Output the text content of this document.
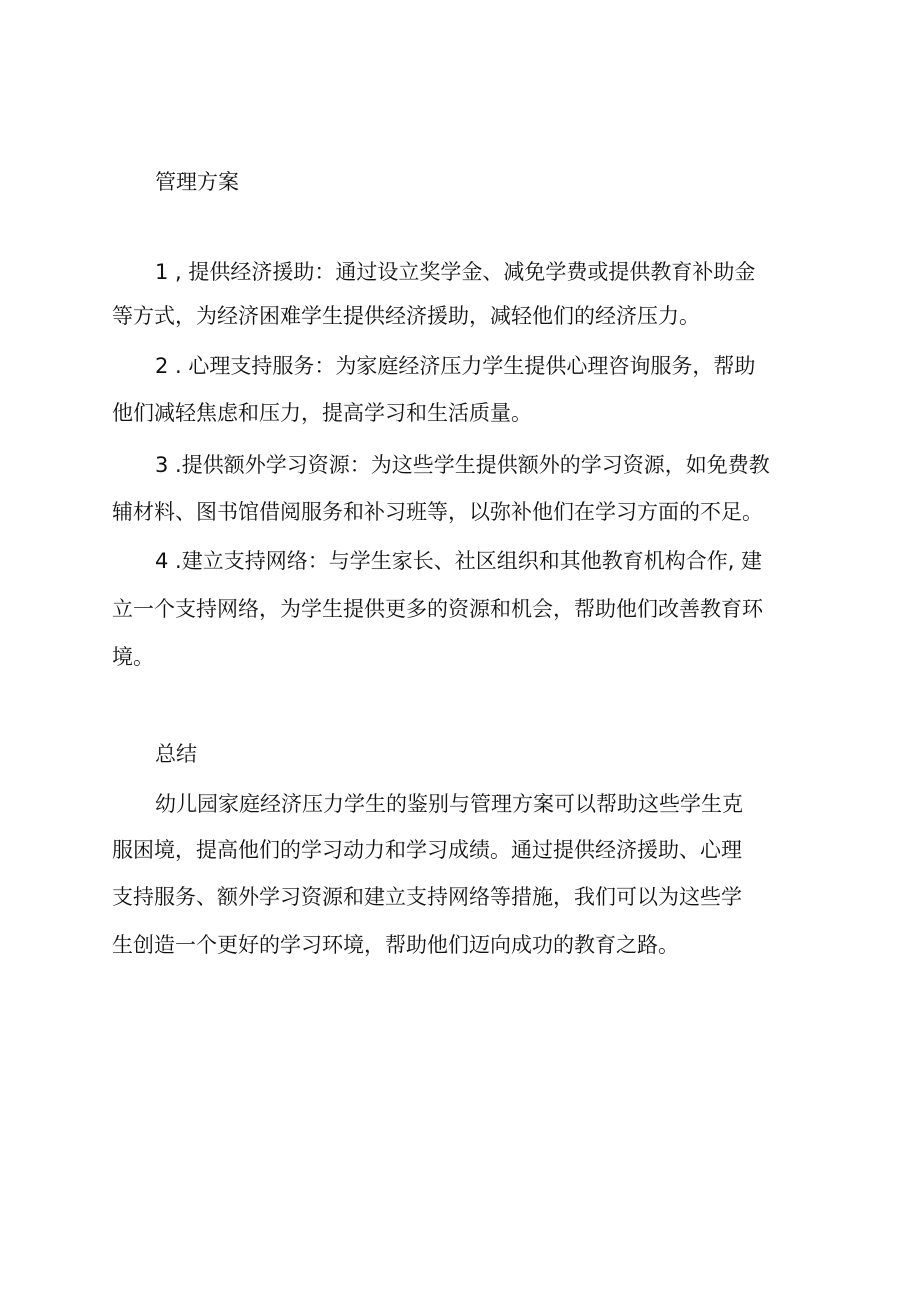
管理方案
1 , 提供经济援助：通过设立奖学金、减免学费或提供教育补助金
等方式，为经济困难学生提供经济援助，减轻他们的经济压力。
2 . 心理支持服务：为家庭经济压力学生提供心理咨询服务，帮助
他们减轻焦虑和压力，提高学习和生活质量。
3 .提供额外学习资源：为这些学生提供额外的学习资源，如免费教
辅材料、图书馆借阅服务和补习班等，以弥补他们在学习方面的不足。
4 .建立支持网络：与学生家长、社区组织和其他教育机构合作, 建
立一个支持网络，为学生提供更多的资源和机会，帮助他们改善教育环
境。
总结
幼儿园家庭经济压力学生的鉴别与管理方案可以帮助这些学生克
服困境，提高他们的学习动力和学习成绩。通过提供经济援助、心理
支持服务、额外学习资源和建立支持网络等措施，我们可以为这些学
生创造一个更好的学习环境，帮助他们迈向成功的教育之路。
